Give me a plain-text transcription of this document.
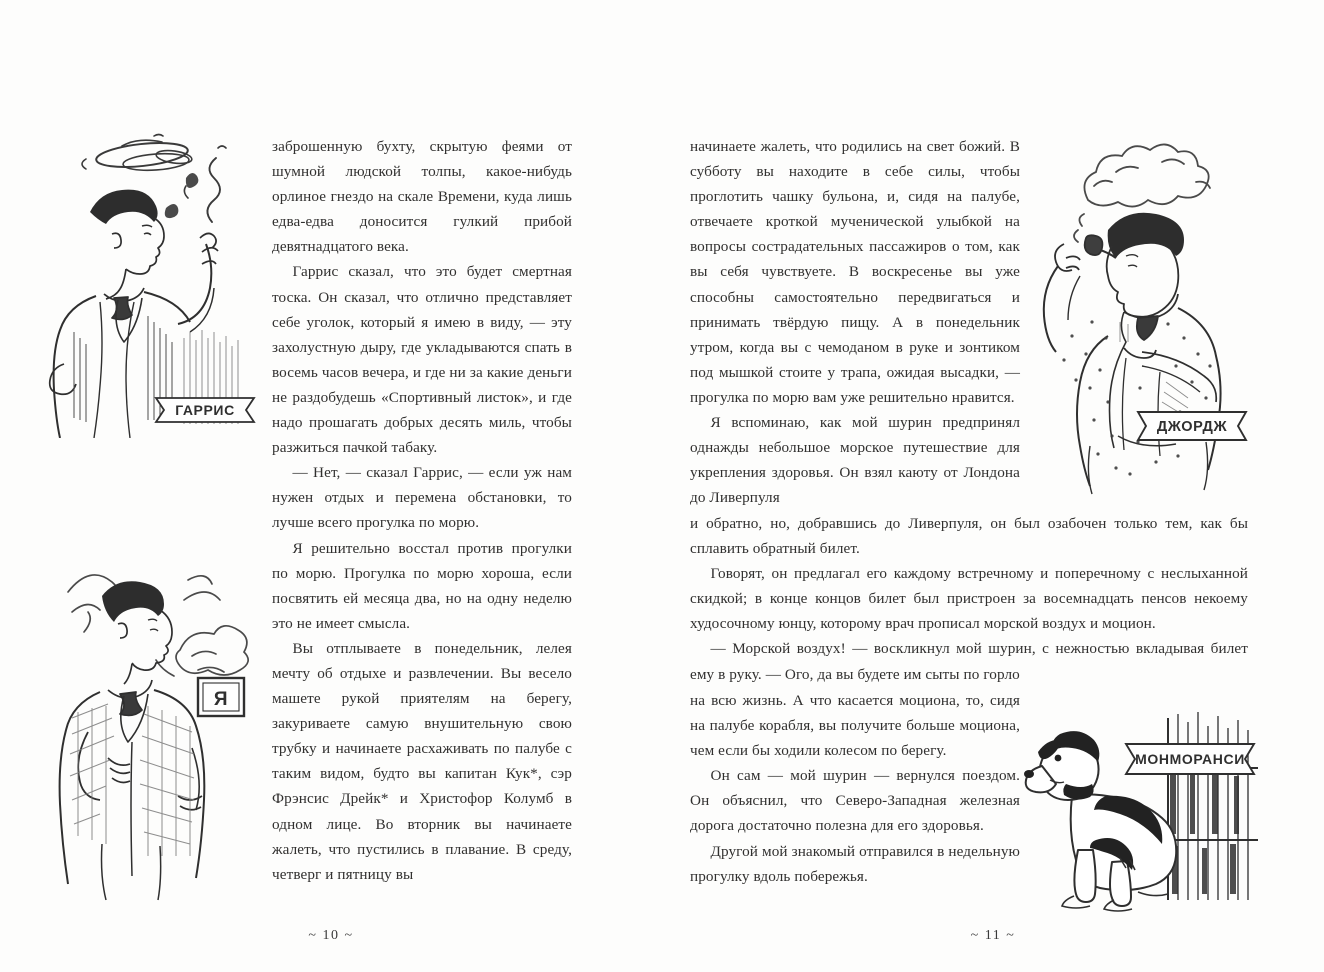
ГАРРИС
Я

заброшенную бухту, скрытую феями от шумной людской толпы, какое-нибудь орлиное гнездо на скале Времени, куда лишь едва-едва доносится гулкий прибой девятнадцатого века.

Гаррис сказал, что это будет смертная тоска. Он сказал, что отлично представляет себе уголок, который я имею в виду, — эту захолустную дыру, где укладываются спать в восемь часов вечера, и где ни за какие деньги не раздобудешь «Спортивный листок», и где надо прошагать добрых десять миль, чтобы разжиться пачкой табаку.

— Нет, — сказал Гаррис, — если уж нам нужен отдых и перемена обстановки, то лучше всего прогулка по морю.

Я решительно восстал против прогулки по морю. Прогулка по морю хороша, если посвятить ей месяца два, но на одну неделю это не имеет смысла.

Вы отплываете в понедельник, лелея мечту об отдыхе и развлечении. Вы весело машете рукой приятелям на берегу, закуриваете самую внушительную свою трубку и начинаете расхаживать по палубе с таким видом, будто вы капитан Кук*, сэр Фрэнсис Дрейк* и Христофор Колумб в одном лице. Во вторник вы начинаете жалеть, что пустились в плавание. В среду, четверг и пятницу вы

~ 10 ~
ДЖОРДЖ
МОНМОРАНСИ

начинаете жалеть, что родились на свет божий. В субботу вы находите в себе силы, чтобы проглотить чашку бульона, и, сидя на палубе, отвечаете кроткой мученической улыбкой на вопросы сострадательных пассажиров о том, как вы себя чувствуете. В воскресенье вы уже способны самостоятельно передвигаться и принимать твёрдую пищу. А в понедельник утром, когда вы с чемоданом в руке и зонтиком под мышкой стоите у трапа, ожидая высадки, — прогулка по морю вам уже решительно нравится.

Я вспоминаю, как мой шурин предпринял однажды небольшое морское путешествие для укрепления здоровья. Он взял каюту от Лондона до Ливерпуля

и обратно, но, добравшись до Ливерпуля, он был озабочен только тем, как бы сплавить обратный билет.

Говорят, он предлагал его каждому встречному и поперечному с неслыханной скидкой; в конце концов билет был пристроен за восемнадцать пенсов некоему худосочному юнцу, которому врач прописал морской воздух и моцион.

— Морской воздух! — воскликнул мой шурин, с нежностью вкладывая билет ему в руку. — Ого, да вы будете им сыты по горло

на всю жизнь. А что касается моциона, то, сидя на палубе корабля, вы получите больше моциона, чем если бы ходили колесом по берегу.

Он сам — мой шурин — вернулся поездом. Он объяснил, что Северо-Западная железная дорога достаточно полезна для его здоровья.

Другой мой знакомый отправился в недельную прогулку вдоль побережья.

~ 11 ~
